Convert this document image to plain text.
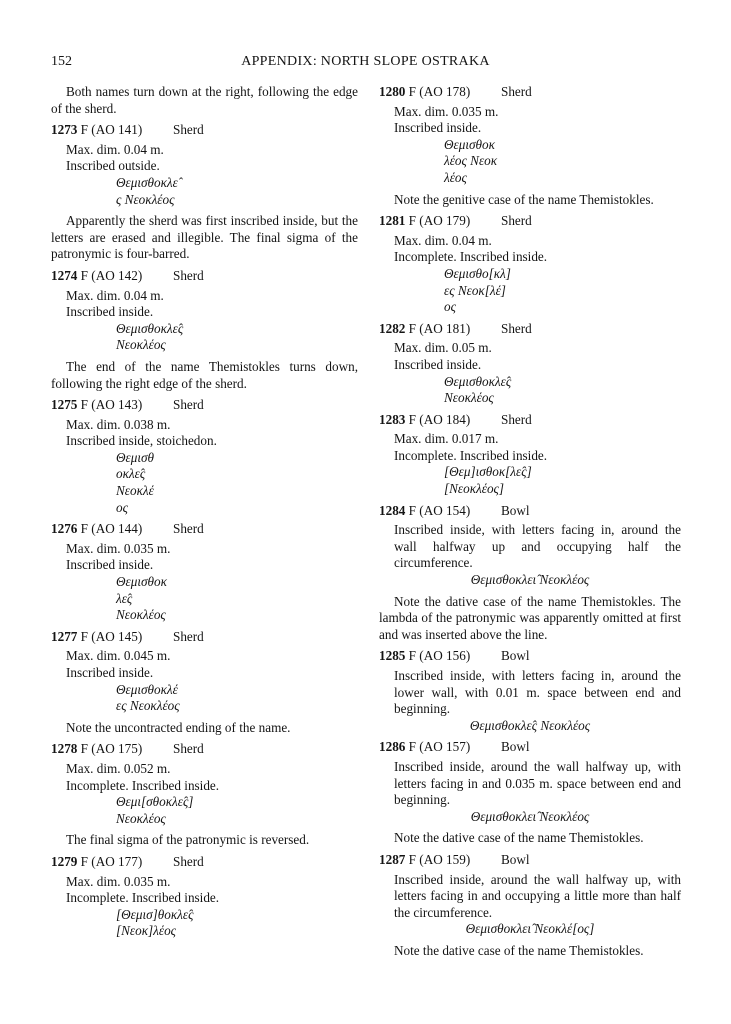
152	APPENDIX: NORTH SLOPE OSTRAKA

Both names turn down at the right, following the edge of the sherd.

1273 F (AO 141)	Sherd
Max. dim. 0.04 m.
Inscribed outside.
Θεμισθοκλε̂
ς Νεοκλέος

Apparently the sherd was first inscribed inside, but the letters are erased and illegible. The final sigma of the patronymic is four-barred.

1274 F (AO 142)	Sherd
Max. dim. 0.04 m.
Inscribed inside.
Θεμισθοκλε̂ς
Νεοκλέος

The end of the name Themistokles turns down, following the right edge of the sherd.

1275 F (AO 143)	Sherd
Max. dim. 0.038 m.
Inscribed inside, stoichedon.
Θεμισθ
οκλε̂ς
Νεοκλέ
ος
1276 F (AO 144)	Sherd
Max. dim. 0.035 m.
Inscribed inside.
Θεμισθοκ
λε̂ς
Νεοκλέος
1277 F (AO 145)	Sherd
Max. dim. 0.045 m.
Inscribed inside.
Θεμισθοκλέ
ες Νεοκλέος

Note the uncontracted ending of the name.

1278 F (AO 175)	Sherd
Max. dim. 0.052 m.
Incomplete. Inscribed inside.
Θεμι[σθοκλε̂ς]
Νεοκλέος

The final sigma of the patronymic is reversed.

1279 F (AO 177)	Sherd
Max. dim. 0.035 m.
Incomplete. Inscribed inside.
[Θεμισ]θοκλε̂ς
[Νεοκ]λέος
1280 F (AO 178)	Sherd
Max. dim. 0.035 m.
Inscribed inside.
Θεμισθοκ
λέος Νεοκ
λέος

Note the genitive case of the name Themistokles.

1281 F (AO 179)	Sherd
Max. dim. 0.04 m.
Incomplete. Inscribed inside.
Θεμισθο[κλ]
ες Νεοκ[λέ]
ος
1282 F (AO 181)	Sherd
Max. dim. 0.05 m.
Inscribed inside.
Θεμισθοκλε̂ς
Νεοκλέος
1283 F (AO 184)	Sherd
Max. dim. 0.017 m.
Incomplete. Inscribed inside.
[Θεμ]ισθοκ[λε̂ς]
[Νεοκλέος]
1284 F (AO 154)	Bowl
Inscribed inside, with letters facing in, around the wall halfway up and occupying half the circumference.
Θεμισθοκλει̂ Νεοκλέος

Note the dative case of the name Themistokles. The lambda of the patronymic was apparently omitted at first and was inserted above the line.

1285 F (AO 156)	Bowl
Inscribed inside, with letters facing in, around the lower wall, with 0.01 m. space between end and beginning.
Θεμισθοκλε̂ς Νεοκλέος
1286 F (AO 157)	Bowl
Inscribed inside, around the wall halfway up, with letters facing in and 0.035 m. space between end and beginning.
Θεμισθοκλει̂ Νεοκλέος

Note the dative case of the name Themistokles.

1287 F (AO 159)	Bowl
Inscribed inside, around the wall halfway up, with letters facing in and occupying a little more than half the circumference.
Θεμισθοκλει̂ Νεοκλέ[ος]

Note the dative case of the name Themistokles.
